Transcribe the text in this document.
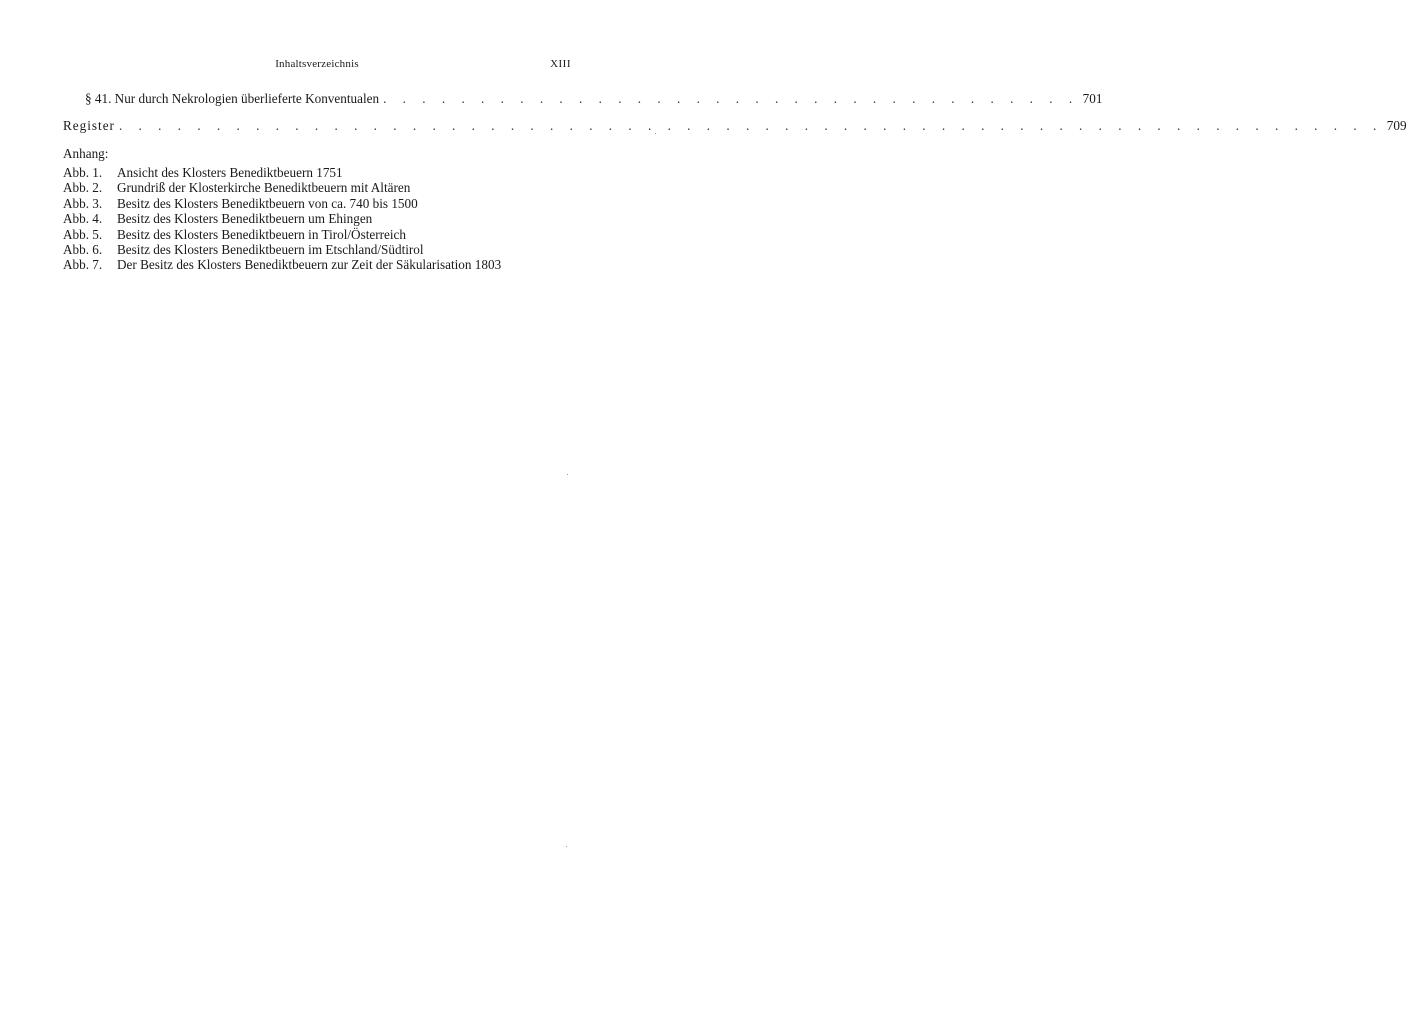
Inhaltsverzeichnis	XIII
§ 41. Nur durch Nekrologien überlieferte Konventualen . . . . . . . . . . . . . . . . . . . . . . . . . . . . . . . . . . . . 701
Register . . . . . . . . . . . . . . . . . . . . . . . . . . . . . . . . . . . . . . . . . . . . . . . . . . . . . . . . . . . . . . . . . 709
Anhang:
Abb. 1.	Ansicht des Klosters Benediktbeuern 1751
Abb. 2.	Grundriß der Klosterkirche Benediktbeuern mit Altären
Abb. 3.	Besitz des Klosters Benediktbeuern von ca. 740 bis 1500
Abb. 4.	Besitz des Klosters Benediktbeuern um Ehingen
Abb. 5.	Besitz des Klosters Benediktbeuern in Tirol/Österreich
Abb. 6.	Besitz des Klosters Benediktbeuern im Etschland/Südtirol
Abb. 7.	Der Besitz des Klosters Benediktbeuern zur Zeit der Säkularisation 1803
